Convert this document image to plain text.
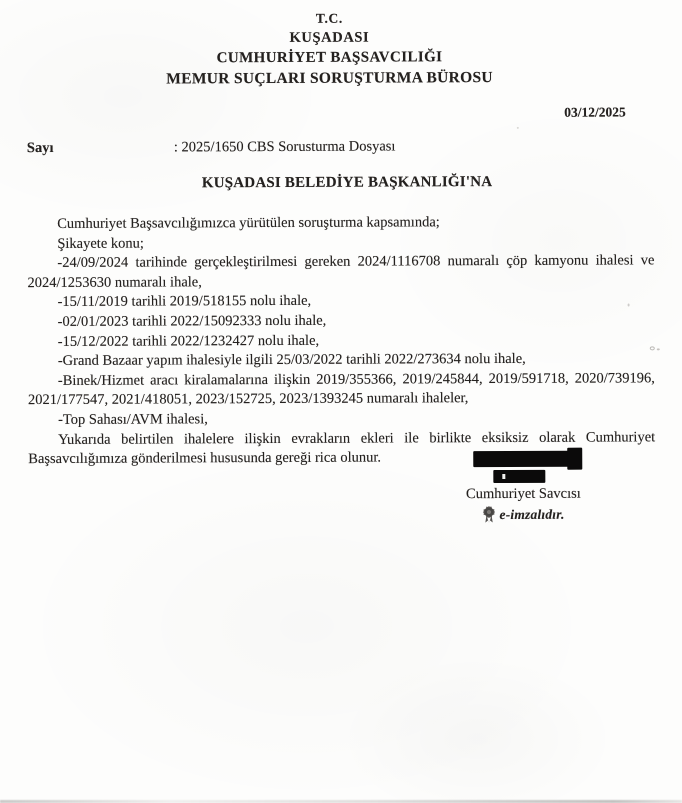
T.C.
KUŞADASI
CUMHURİYET BAŞSAVCILIĞI
MEMUR SUÇLARI SORUŞTURMA BÜROSU
03/12/2025
Sayı	: 2025/1650 CBS Sorusturma Dosyası
KUŞADASI BELEDİYE BAŞKANLIĞI'NA

Cumhuriyet Başsavcılığımızca yürütülen soruşturma kapsamında;

Şikayete konu;

-24/09/2024 tarihinde gerçekleştirilmesi gereken 2024/1116708 numaralı çöp kamyonu ihalesi ve 2024/1253630 numaralı ihale,

-15/11/2019 tarihli 2019/518155 nolu ihale,

-02/01/2023 tarihli 2022/15092333 nolu ihale,

-15/12/2022 tarihli 2022/1232427 nolu ihale,

-Grand Bazaar yapım ihalesiyle ilgili 25/03/2022 tarihli 2022/273634 nolu ihale,

-Binek/Hizmet aracı kiralamalarına ilişkin 2019/355366, 2019/245844, 2019/591718, 2020/739196, 2021/177547, 2021/418051, 2023/152725, 2023/1393245 numaralı ihaleler,

-Top Sahası/AVM ihalesi,

Yukarıda belirtilen ihalelere ilişkin evrakların ekleri ile birlikte eksiksiz olarak Cumhuriyet Başsavcılığımıza gönderilmesi hususunda gereği rica olunur.

Cumhuriyet Savcısı
e-imzalıdır.
